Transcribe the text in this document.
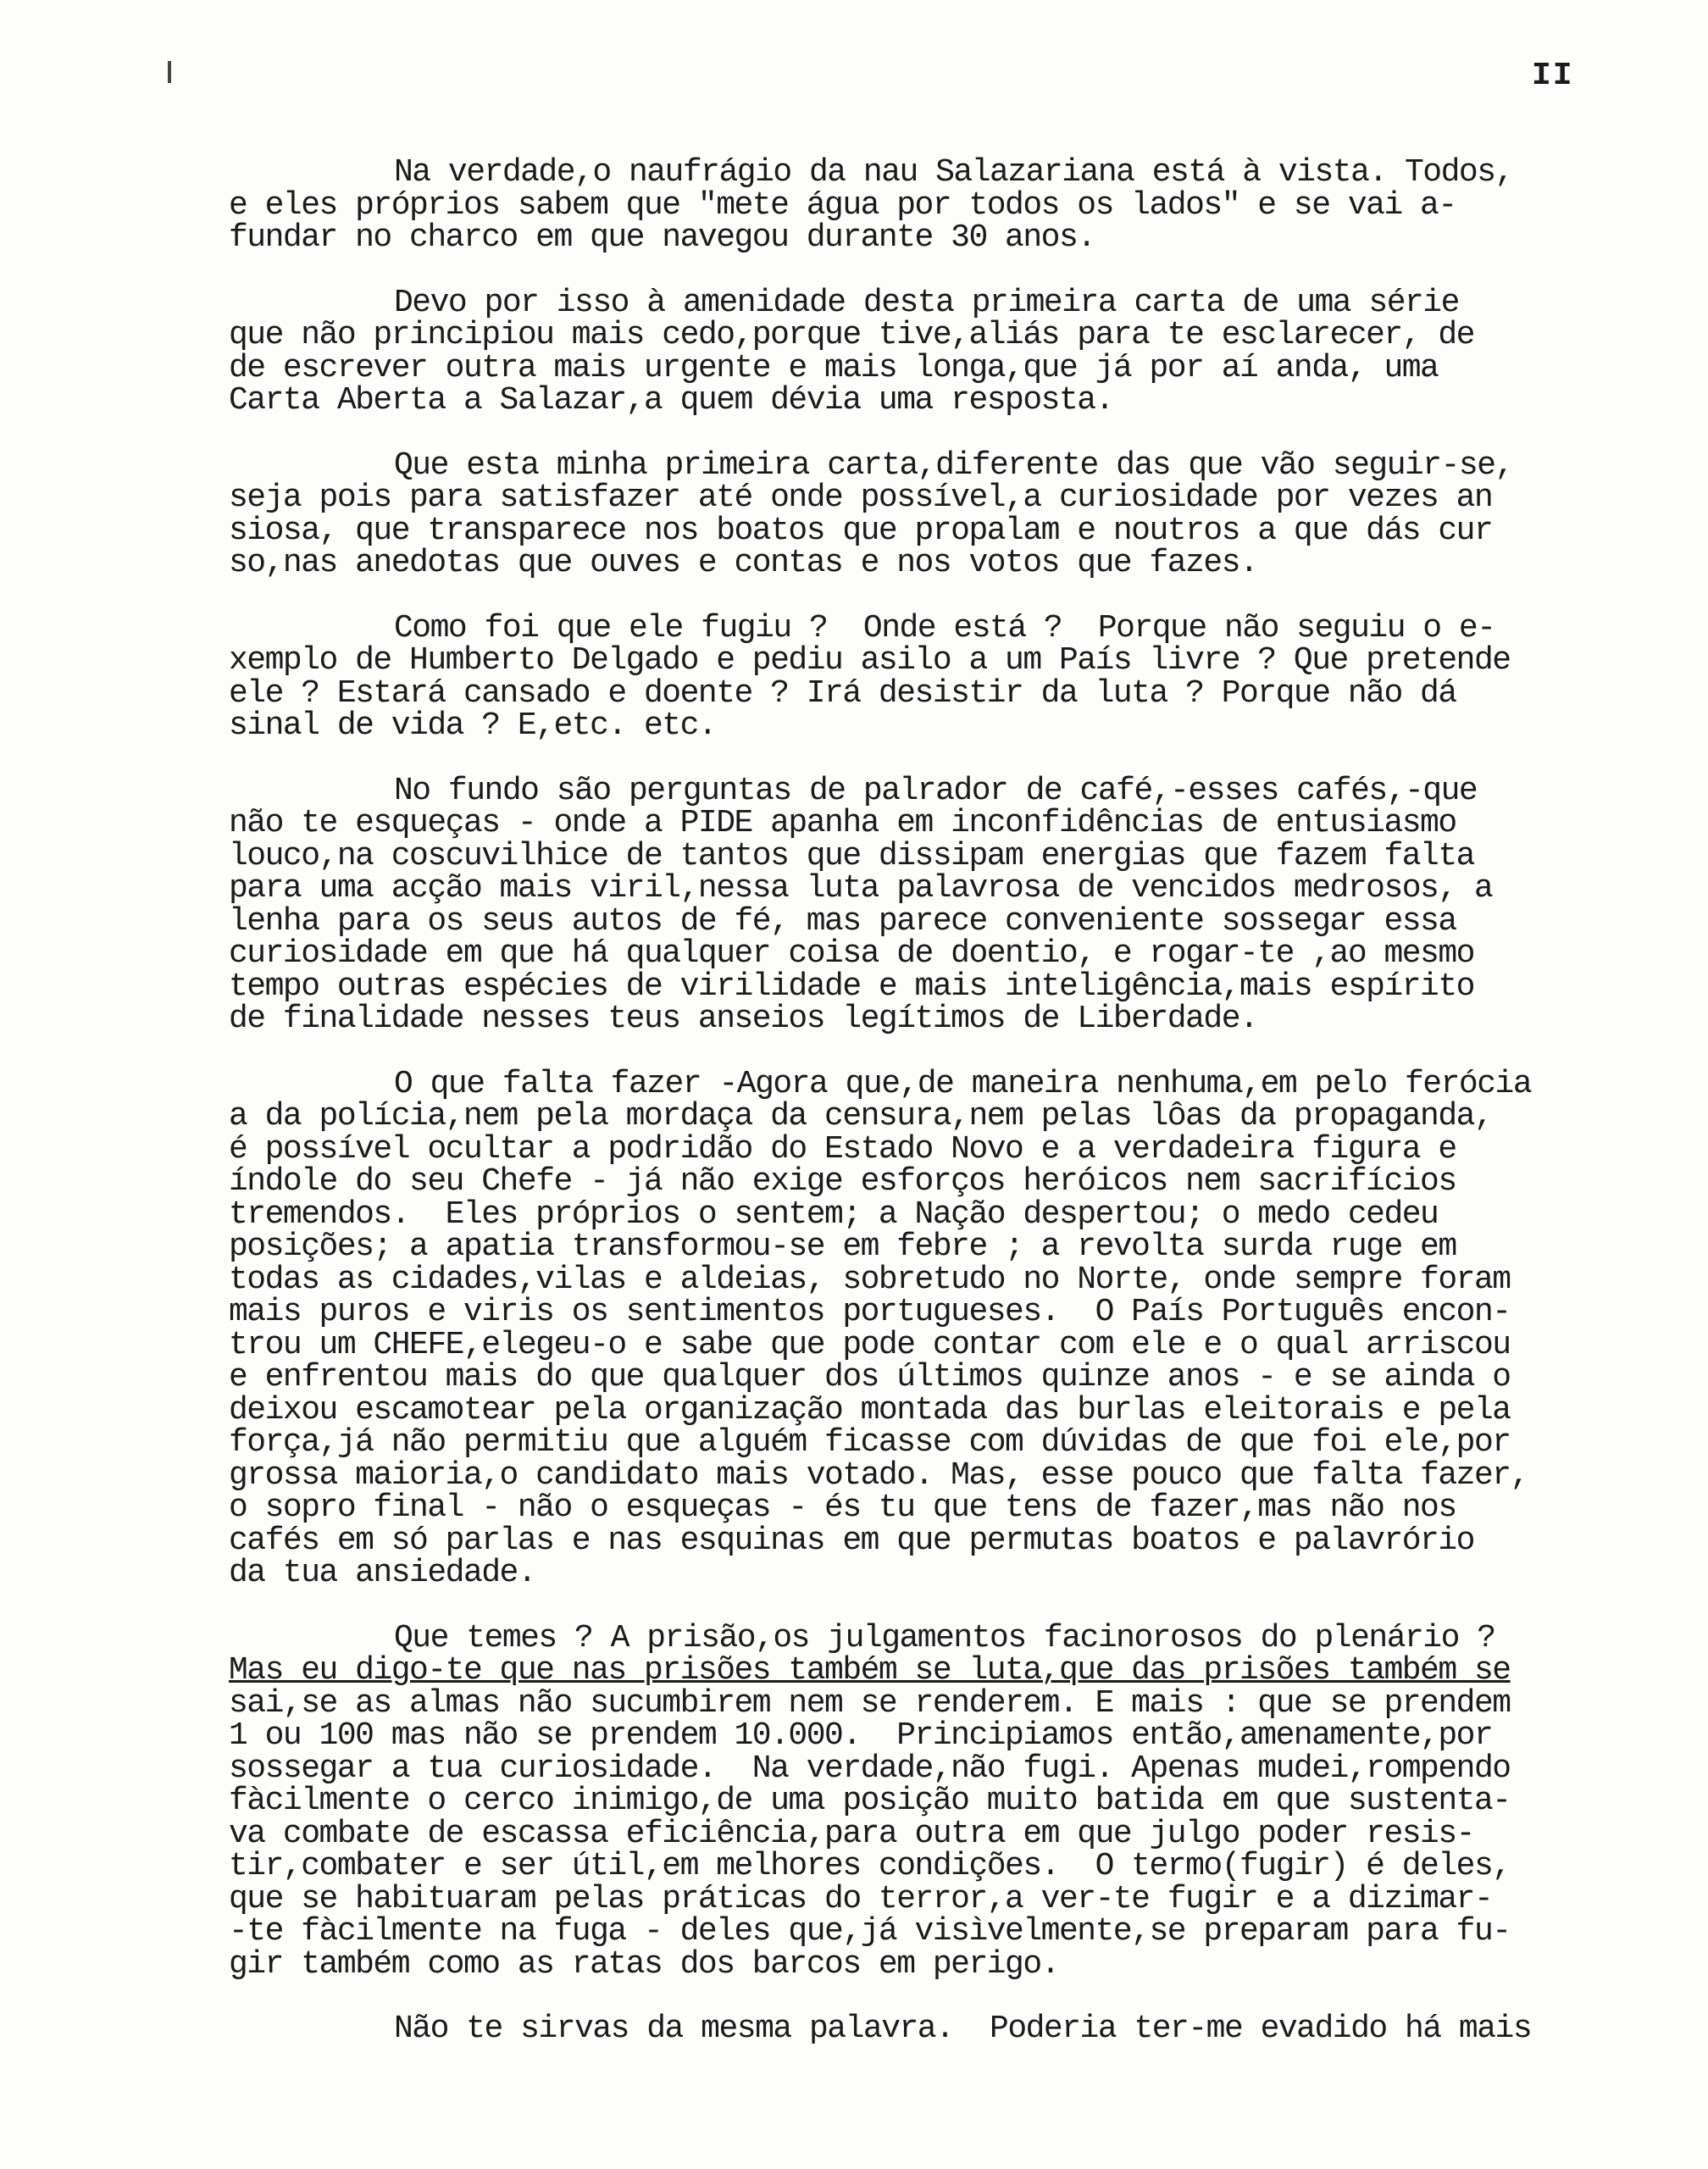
II
Na verdade,o naufrágio da nau Salazariana está à vista. Todos,
e eles próprios sabem que "mete água por todos os lados" e se vai a-
fundar no charco em que navegou durante 30 anos.
Devo por isso à amenidade desta primeira carta de uma série
que não principiou mais cedo,porque tive,aliás para te esclarecer, de
de escrever outra mais urgente e mais longa,que já por aí anda, uma
Carta Aberta a Salazar,a quem dévia uma resposta.
Que esta minha primeira carta,diferente das que vão seguir-se,
seja pois para satisfazer até onde possível,a curiosidade por vezes an
siosa, que transparece nos boatos que propalam e noutros a que dás cur
so,nas anedotas que ouves e contas e nos votos que fazes.
Como foi que ele fugiu ?  Onde está ?  Porque não seguiu o e-
xemplo de Humberto Delgado e pediu asilo a um País livre ? Que pretende
ele ? Estará cansado e doente ? Irá desistir da luta ? Porque não dá
sinal de vida ? E,etc. etc.
No fundo são perguntas de palrador de café,-esses cafés,-que
não te esqueças - onde a PIDE apanha em inconfidências de entusiasmo
louco,na coscuvilhice de tantos que dissipam energias que fazem falta
para uma acção mais viril,nessa luta palavrosa de vencidos medrosos, a
lenha para os seus autos de fé, mas parece conveniente sossegar essa
curiosidade em que há qualquer coisa de doentio, e rogar-te ,ao mesmo
tempo outras espécies de virilidade e mais inteligência,mais espírito
de finalidade nesses teus anseios legítimos de Liberdade.
O que falta fazer -Agora que,de maneira nenhuma,em pelo ferócia
a da polícia,nem pela mordaça da censura,nem pelas lôas da propaganda,
é possível ocultar a podridão do Estado Novo e a verdadeira figura e
índole do seu Chefe - já não exige esforços heróicos nem sacrifícios
tremendos.  Eles próprios o sentem; a Nação despertou; o medo cedeu
posições; a apatia transformou-se em febre ; a revolta surda ruge em
todas as cidades,vilas e aldeias, sobretudo no Norte, onde sempre foram
mais puros e viris os sentimentos portugueses.  O País Português encon-
trou um CHEFE,elegeu-o e sabe que pode contar com ele e o qual arriscou
e enfrentou mais do que qualquer dos últimos quinze anos - e se ainda o
deixou escamotear pela organização montada das burlas eleitorais e pela
força,já não permitiu que alguém ficasse com dúvidas de que foi ele,por
grossa maioria,o candidato mais votado. Mas, esse pouco que falta fazer,
o sopro final - não o esqueças - és tu que tens de fazer,mas não nos
cafés em só parlas e nas esquinas em que permutas boatos e palavrório
da tua ansiedade.
Que temes ? A prisão,os julgamentos facinorosos do plenário ?
Mas eu digo-te que nas prisões também se luta,que das prisões também se
sai,se as almas não sucumbirem nem se renderem. E mais : que se prendem
1 ou 100 mas não se prendem 10.000.  Principiamos então,amenamente,por
sossegar a tua curiosidade.  Na verdade,não fugi. Apenas mudei,rompendo
fàcilmente o cerco inimigo,de uma posição muito batida em que sustenta-
va combate de escassa eficiência,para outra em que julgo poder resis-
tir,combater e ser útil,em melhores condições.  O termo(fugir) é deles,
que se habituaram pelas práticas do terror,a ver-te fugir e a dizimar-
-te fàcilmente na fuga - deles que,já visìvelmente,se preparam para fu-
gir também como as ratas dos barcos em perigo.
Não te sirvas da mesma palavra.  Poderia ter-me evadido há mais
